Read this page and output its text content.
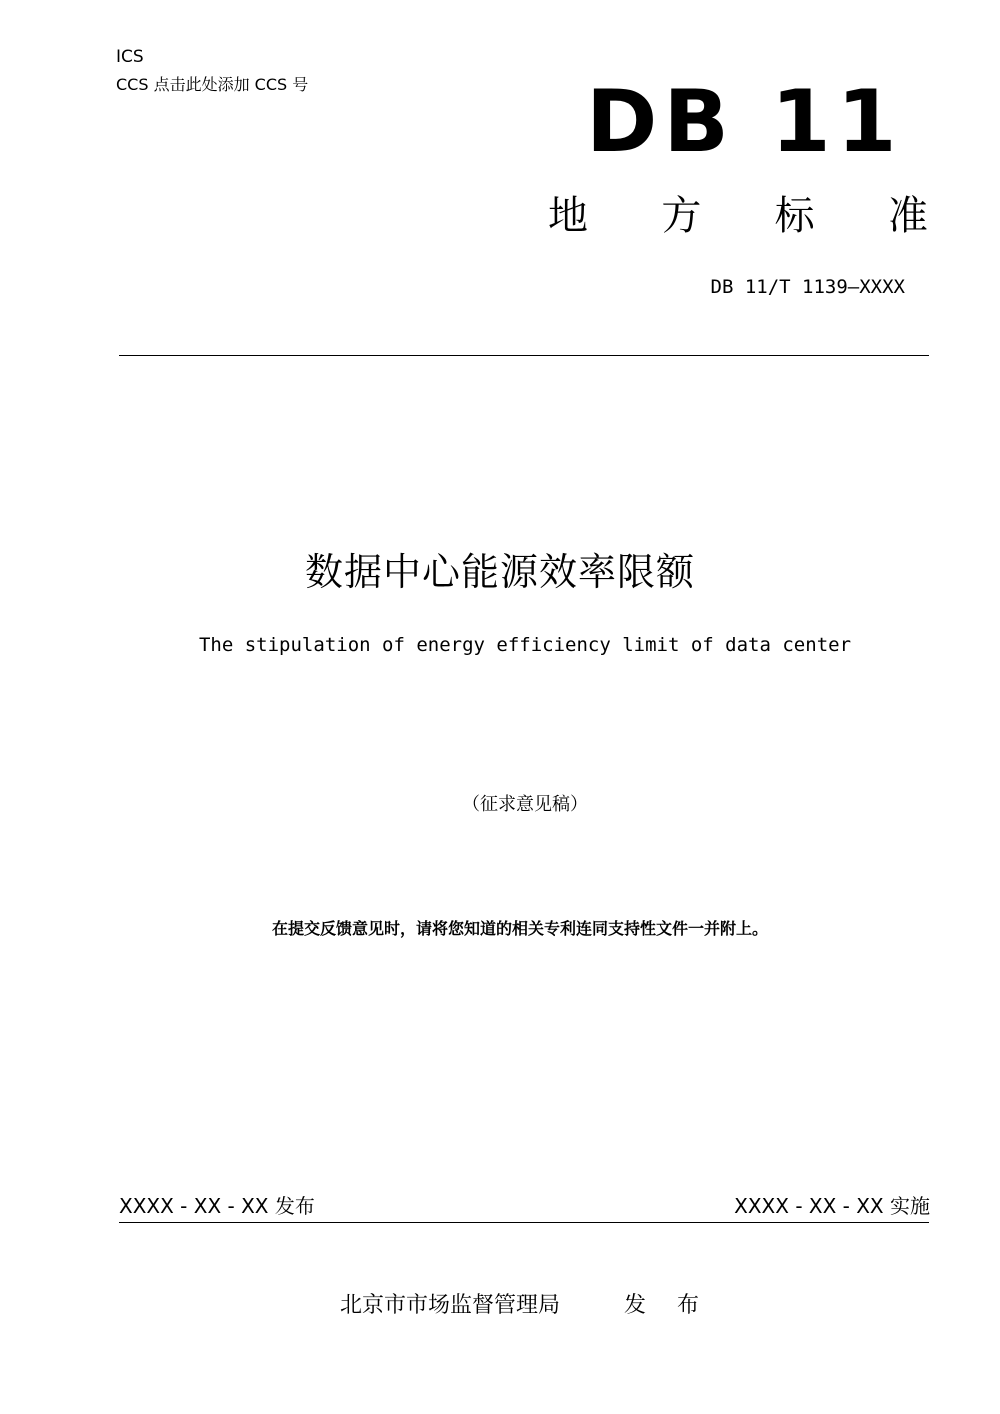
ICS
CCS 点击此处添加 CCS 号	DB 11
地 方 标 准
DB 11/T 1139—XXXX
数据中心能源效率限额
The stipulation of energy efficiency limit of data center
（征求意见稿）
在提交反馈意见时，请将您知道的相关专利连同支持性文件一并附上。
XXXX - XX - XX 发布	XXXX - XX - XX 实施
北京市市场监督管理局	发 布
